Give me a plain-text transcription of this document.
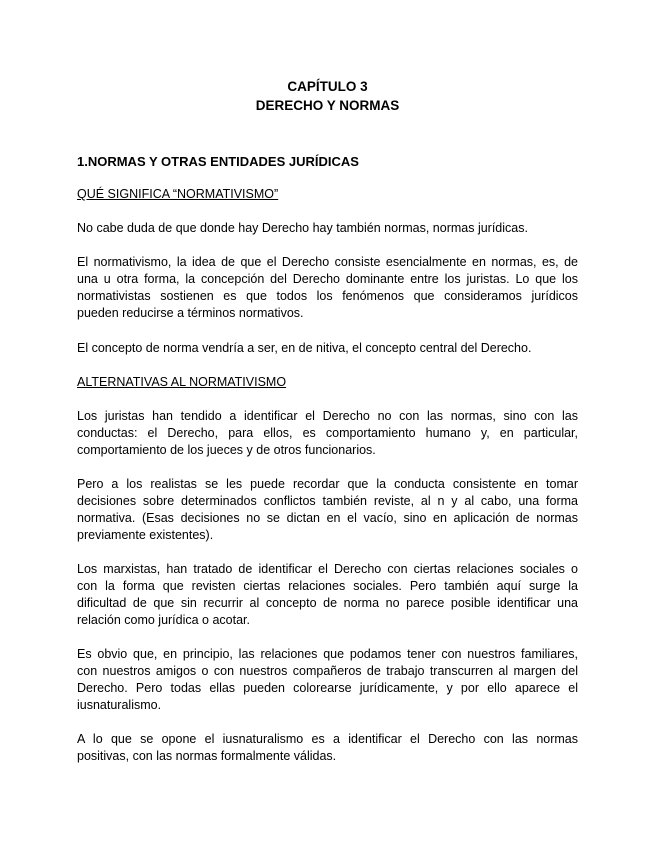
CAPÍTULO 3
DERECHO Y NORMAS
1.NORMAS Y OTRAS ENTIDADES JURÍDICAS
QUÉ SIGNIFICA “NORMATIVISMO”
No cabe duda de que donde hay Derecho hay también normas, normas jurídicas.
El normativismo, la idea de que el Derecho consiste esencialmente en normas, es, de
una u otra forma, la concepción del Derecho dominante entre los juristas. Lo que los
normativistas sostienen es que todos los fenómenos que consideramos jurídicos
pueden reducirse a términos normativos.
El concepto de norma vendría a ser, en de nitiva, el concepto central del Derecho.
ALTERNATIVAS AL NORMATIVISMO
Los juristas han tendido a identificar el Derecho no con las normas, sino con las
conductas: el Derecho, para ellos, es comportamiento humano y, en particular,
comportamiento de los jueces y de otros funcionarios.
Pero a los realistas se les puede recordar que la conducta consistente en tomar
decisiones sobre determinados conflictos también reviste, al n y al cabo, una forma
normativa. (Esas decisiones no se dictan en el vacío, sino en aplicación de normas
previamente existentes).
Los marxistas, han tratado de identificar el Derecho con ciertas relaciones sociales o
con la forma que revisten ciertas relaciones sociales. Pero también aquí surge la
dificultad de que sin recurrir al concepto de norma no parece posible identificar una
relación como jurídica o acotar.
Es obvio que, en principio, las relaciones que podamos tener con nuestros familiares,
con nuestros amigos o con nuestros compañeros de trabajo transcurren al margen del
Derecho. Pero todas ellas pueden colorearse jurídicamente, y por ello aparece el
iusnaturalismo.
A lo que se opone el iusnaturalismo es a identificar el Derecho con las normas
positivas, con las normas formalmente válidas.
